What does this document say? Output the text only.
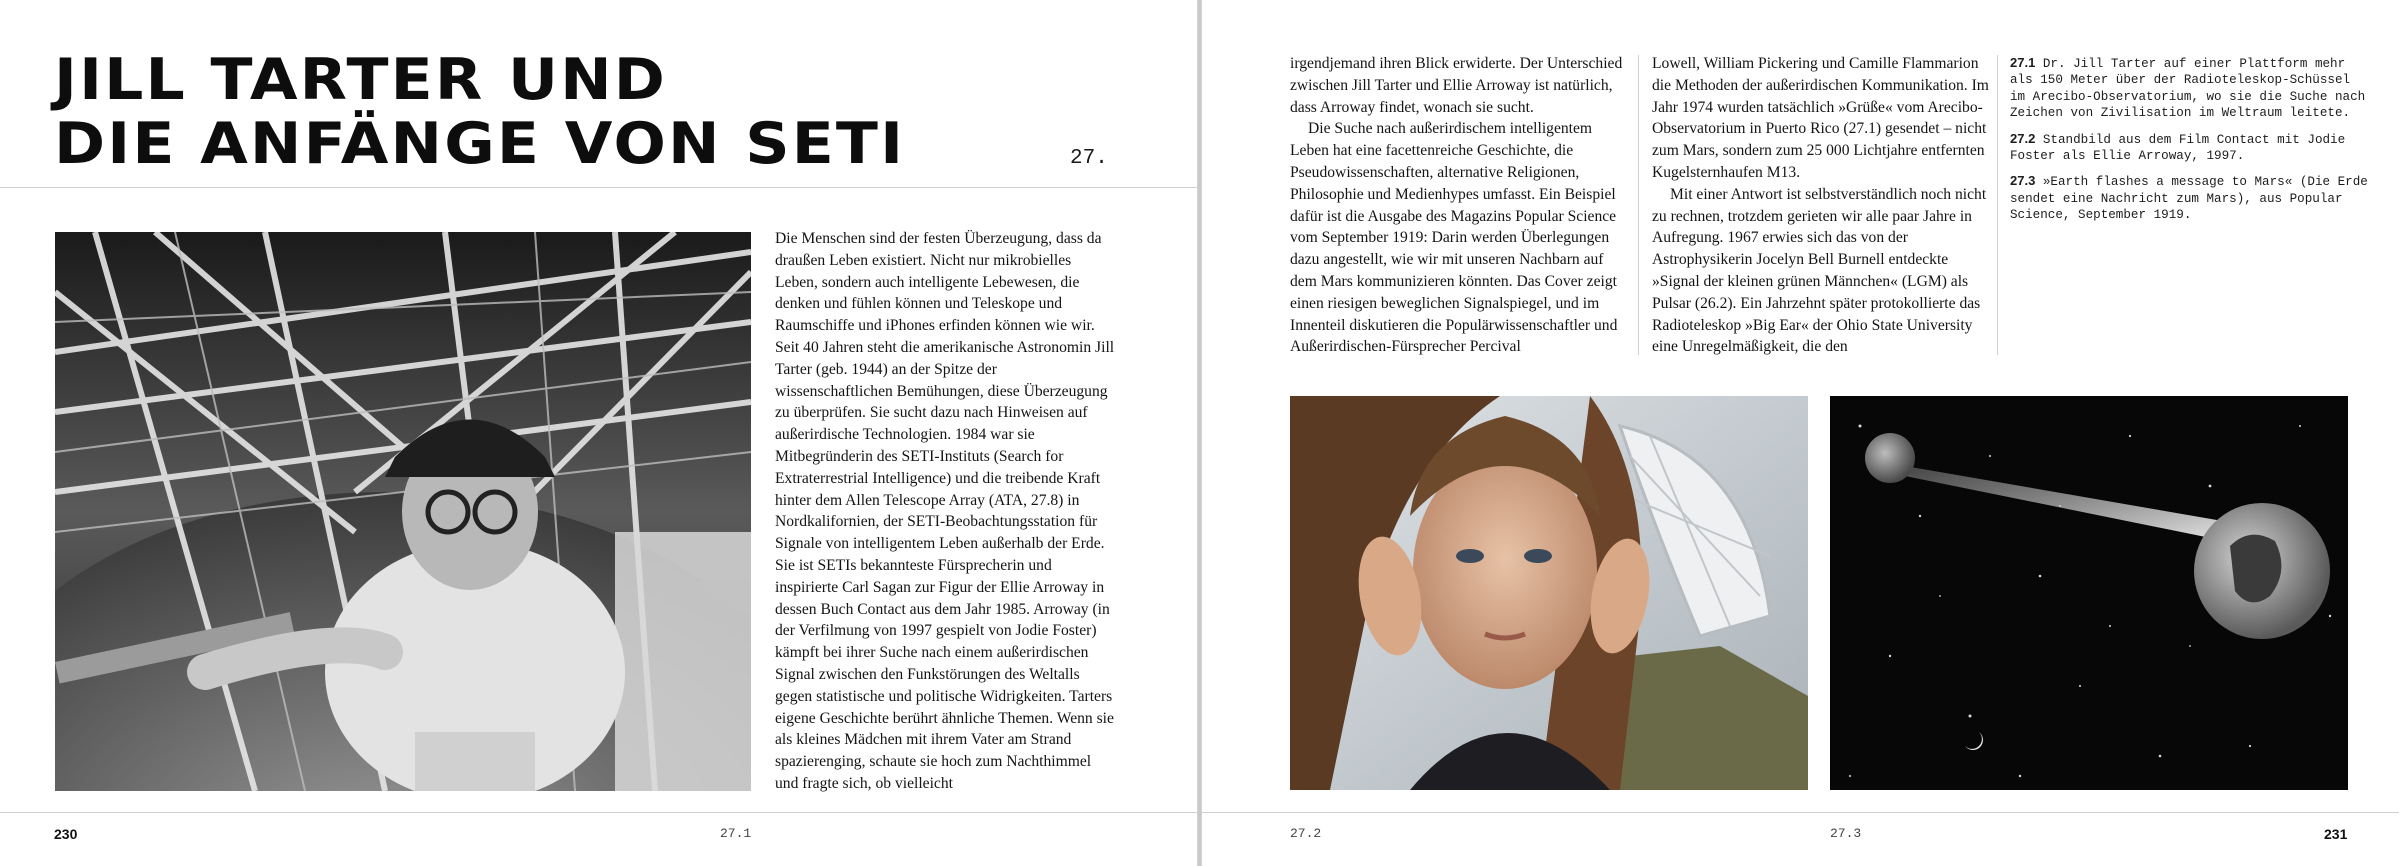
JILL TARTER UND
DIE ANFÄNGE VON SETI	27.

Die Menschen sind der festen Überzeugung, dass da draußen Leben existiert. Nicht nur mikrobielles Leben, sondern auch intelligente Lebewesen, die denken und fühlen können und Teleskope und Raumschiffe und iPhones erfinden können wie wir. Seit 40 Jahren steht die amerikanische Astronomin Jill Tarter (geb. 1944) an der Spitze der wissenschaftlichen Bemühungen, diese Überzeugung zu überprüfen. Sie sucht dazu nach Hinweisen auf außerirdische Technologien. 1984 war sie Mitbegründerin des SETI-Instituts (Search for Extraterrestrial Intelligence) und die treibende Kraft hinter dem Allen Telescope Array (ATA, 27.8) in Nordkalifornien, der SETI-Beobachtungsstation für Signale von intelligentem Leben außerhalb der Erde. Sie ist SETIs bekannteste Fürsprecherin und inspirierte Carl Sagan zur Figur der Ellie Arroway in dessen Buch Contact aus dem Jahr 1985. Arroway (in der Verfilmung von 1997 gespielt von Jodie Foster) kämpft bei ihrer Suche nach einem außerirdischen Signal zwischen den Funkstörungen des Weltalls gegen statistische und politische Widrigkeiten. Tarters eigene Geschichte berührt ähnliche Themen. Wenn sie als kleines Mädchen mit ihrem Vater am Strand spazierenging, schaute sie hoch zum Nachthimmel und fragte sich, ob vielleicht

230	27.1

irgendjemand ihren Blick erwiderte. Der Unterschied zwischen Jill Tarter und Ellie Arroway ist natürlich, dass Arroway findet, wonach sie sucht.

Die Suche nach außerirdischem intelligentem Leben hat eine facettenreiche Geschichte, die Pseudowissenschaften, alternative Religionen, Philosophie und Medienhypes umfasst. Ein Beispiel dafür ist die Ausgabe des Magazins Popular Science vom September 1919: Darin werden Überlegungen dazu angestellt, wie wir mit unseren Nachbarn auf dem Mars kommunizieren könnten. Das Cover zeigt einen riesigen beweglichen Signalspiegel, und im Innenteil diskutieren die Populärwissenschaftler und Außerirdischen-Fürsprecher Percival

Lowell, William Pickering und Camille Flammarion die Methoden der außerirdischen Kommunikation. Im Jahr 1974 wurden tatsächlich »Grüße« vom Arecibo-Observatorium in Puerto Rico (27.1) gesendet – nicht zum Mars, sondern zum 25 000 Lichtjahre entfernten Kugelsternhaufen M13.

Mit einer Antwort ist selbstverständlich noch nicht zu rechnen, trotzdem gerieten wir alle paar Jahre in Aufregung. 1967 erwies sich das von der Astrophysikerin Jocelyn Bell Burnell entdeckte »Signal der kleinen grünen Männchen« (LGM) als Pulsar (26.2). Ein Jahrzehnt später protokollierte das Radioteleskop »Big Ear« der Ohio State University eine Unregelmäßigkeit, die den

27.1 Dr. Jill Tarter auf einer Plattform mehr als 150 Meter über der Radioteleskop-Schüssel im Arecibo-Observatorium, wo sie die Suche nach Zeichen von Zivilisation im Weltraum leitete.
27.2 Standbild aus dem Film Contact mit Jodie Foster als Ellie Arroway, 1997.
27.3 »Earth flashes a message to Mars« (Die Erde sendet eine Nachricht zum Mars), aus Popular Science, September 1919.
27.2	27.3	231
